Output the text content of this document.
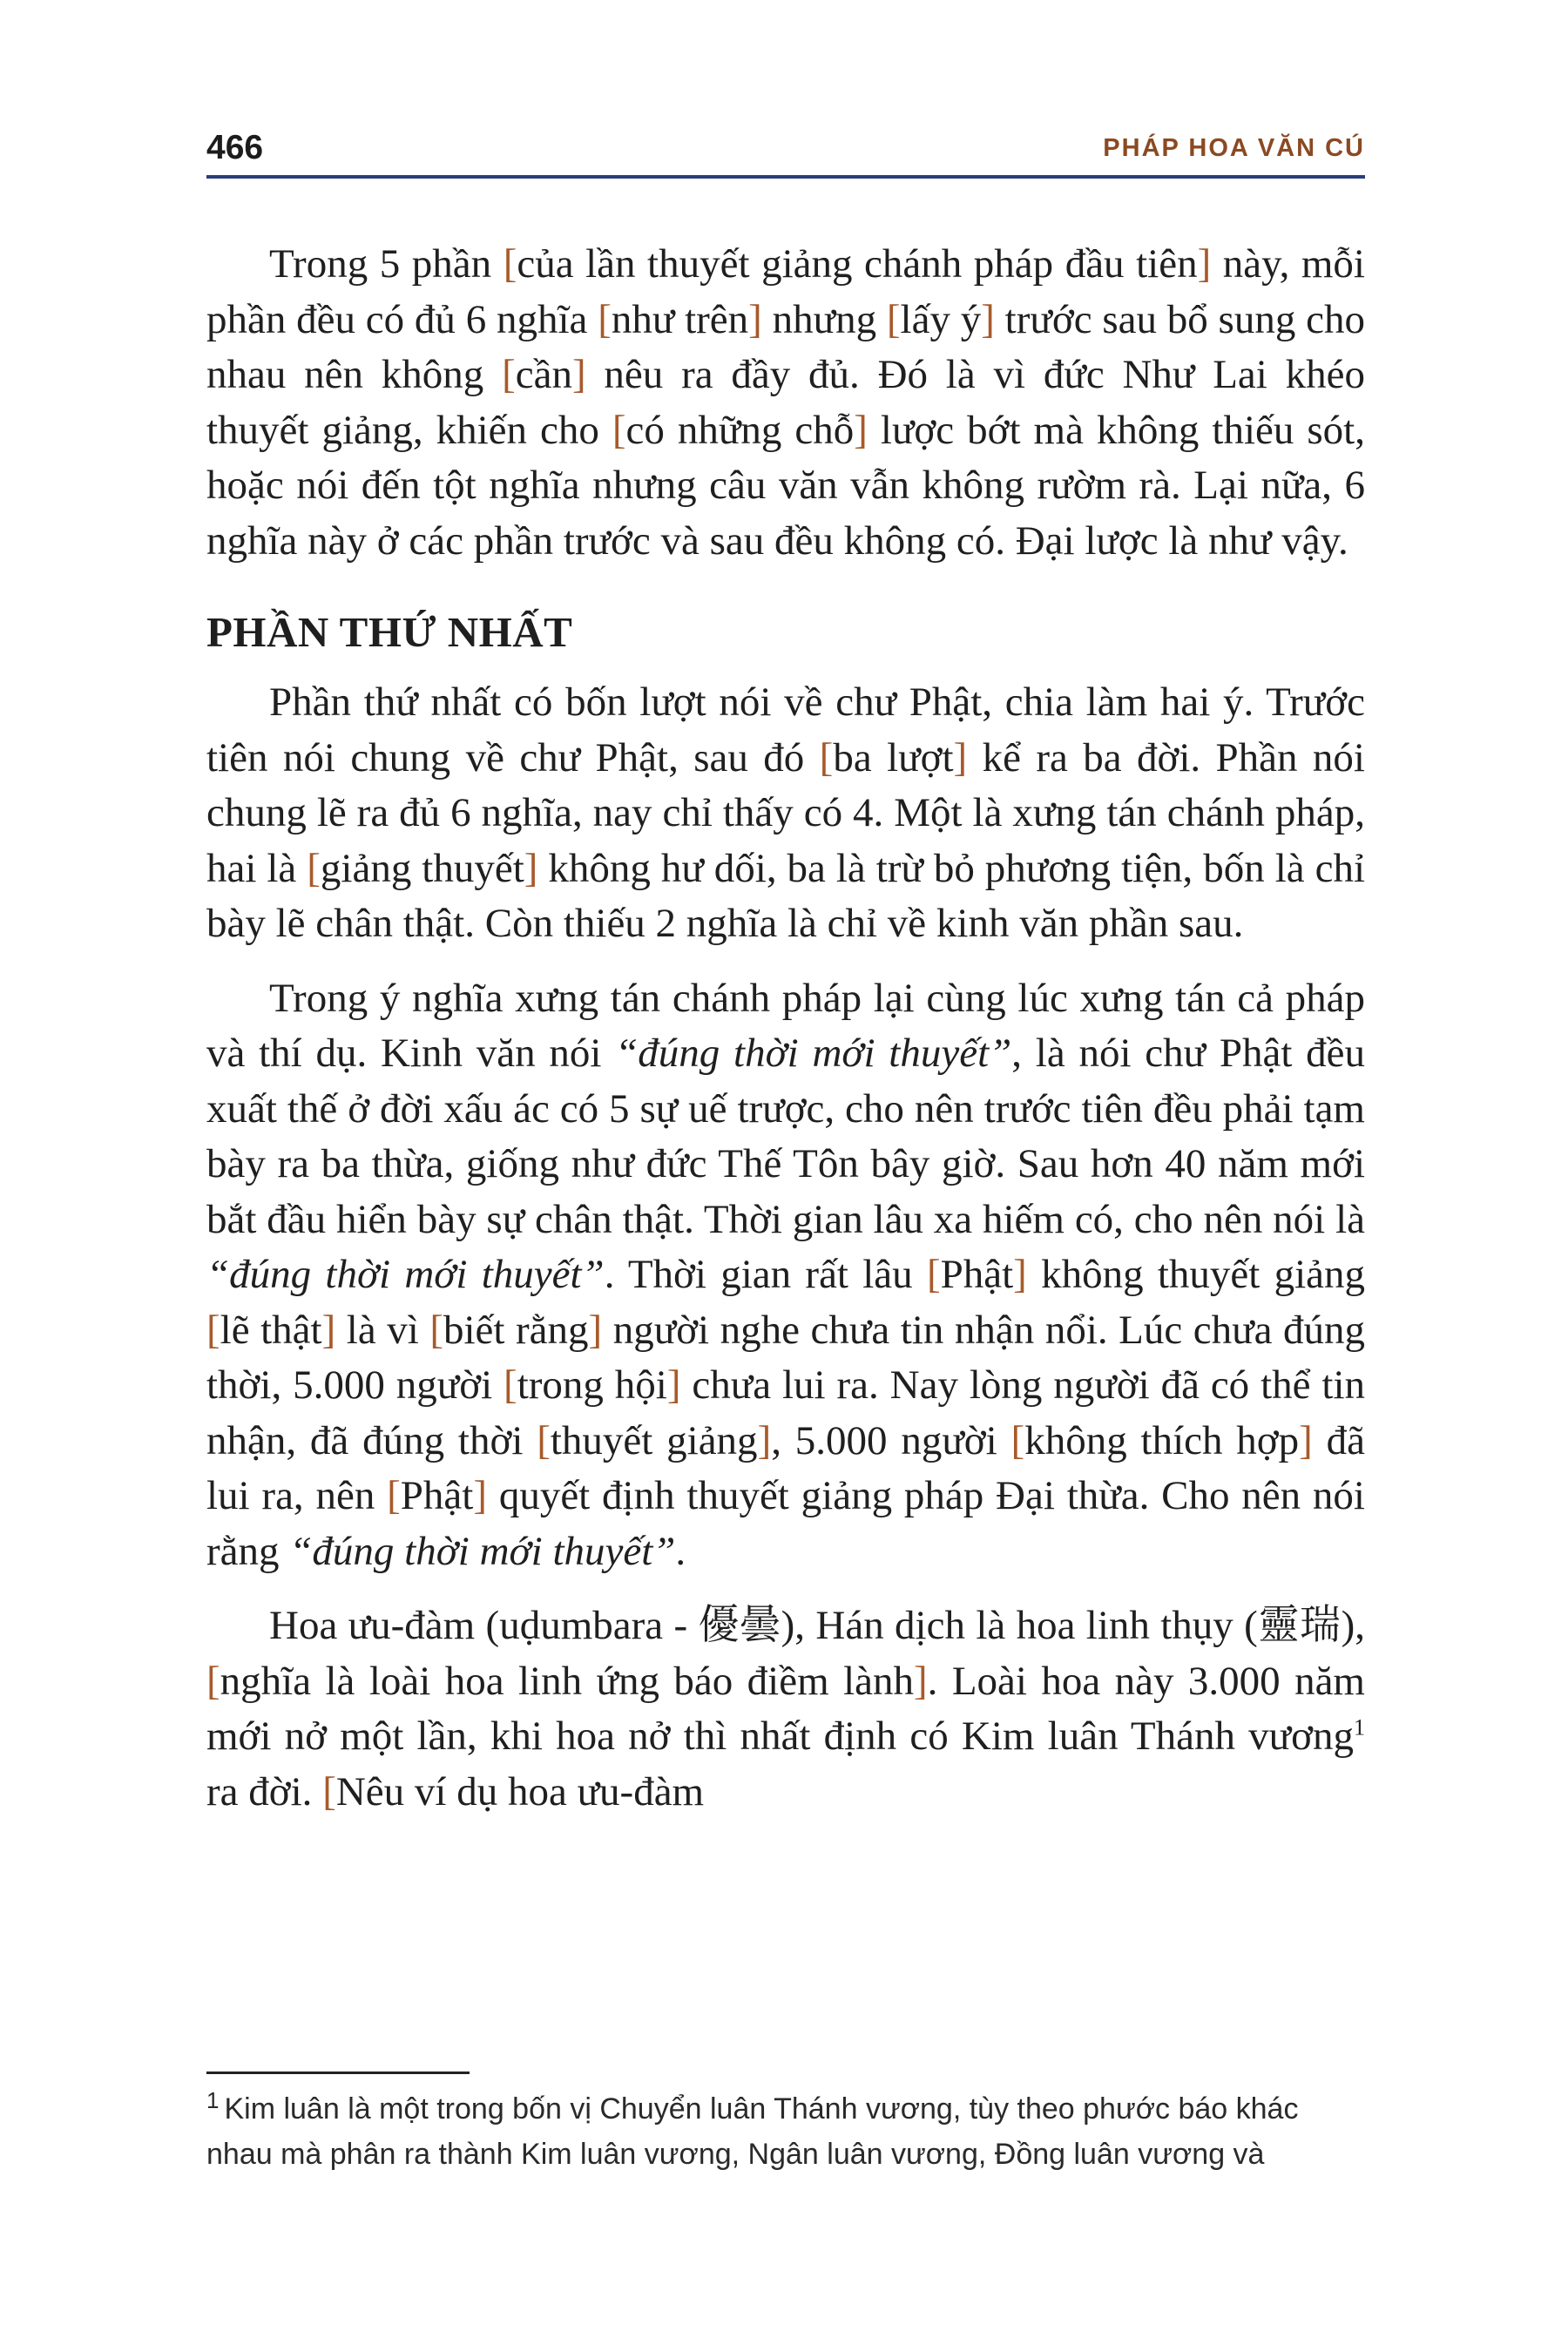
466	PHÁP HOA VĂN CÚ

Trong 5 phần [của lần thuyết giảng chánh pháp đầu tiên] này, mỗi phần đều có đủ 6 nghĩa [như trên] nhưng [lấy ý] trước sau bổ sung cho nhau nên không [cần] nêu ra đầy đủ. Đó là vì đức Như Lai khéo thuyết giảng, khiến cho [có những chỗ] lược bớt mà không thiếu sót, hoặc nói đến tột nghĩa nhưng câu văn vẫn không rườm rà. Lại nữa, 6 nghĩa này ở các phần trước và sau đều không có. Đại lược là như vậy.

PHẦN THỨ NHẤT

Phần thứ nhất có bốn lượt nói về chư Phật, chia làm hai ý. Trước tiên nói chung về chư Phật, sau đó [ba lượt] kể ra ba đời. Phần nói chung lẽ ra đủ 6 nghĩa, nay chỉ thấy có 4. Một là xưng tán chánh pháp, hai là [giảng thuyết] không hư dối, ba là trừ bỏ phương tiện, bốn là chỉ bày lẽ chân thật. Còn thiếu 2 nghĩa là chỉ về kinh văn phần sau.

Trong ý nghĩa xưng tán chánh pháp lại cùng lúc xưng tán cả pháp và thí dụ. Kinh văn nói “đúng thời mới thuyết”, là nói chư Phật đều xuất thế ở đời xấu ác có 5 sự uế trược, cho nên trước tiên đều phải tạm bày ra ba thừa, giống như đức Thế Tôn bây giờ. Sau hơn 40 năm mới bắt đầu hiển bày sự chân thật. Thời gian lâu xa hiếm có, cho nên nói là “đúng thời mới thuyết”. Thời gian rất lâu [Phật] không thuyết giảng [lẽ thật] là vì [biết rằng] người nghe chưa tin nhận nổi. Lúc chưa đúng thời, 5.000 người [trong hội] chưa lui ra. Nay lòng người đã có thể tin nhận, đã đúng thời [thuyết giảng], 5.000 người [không thích hợp] đã lui ra, nên [Phật] quyết định thuyết giảng pháp Đại thừa. Cho nên nói rằng “đúng thời mới thuyết”.

Hoa ưu-đàm (uḍumbara - 優曇), Hán dịch là hoa linh thụy (靈瑞), [nghĩa là loài hoa linh ứng báo điềm lành]. Loài hoa này 3.000 năm mới nở một lần, khi hoa nở thì nhất định có Kim luân Thánh vương$^1$ ra đời. [Nêu ví dụ hoa ưu-đàm

$^1$ Kim luân là một trong bốn vị Chuyển luân Thánh vương, tùy theo phước báo khác nhau mà phân ra thành Kim luân vương, Ngân luân vương, Đồng luân vương và
